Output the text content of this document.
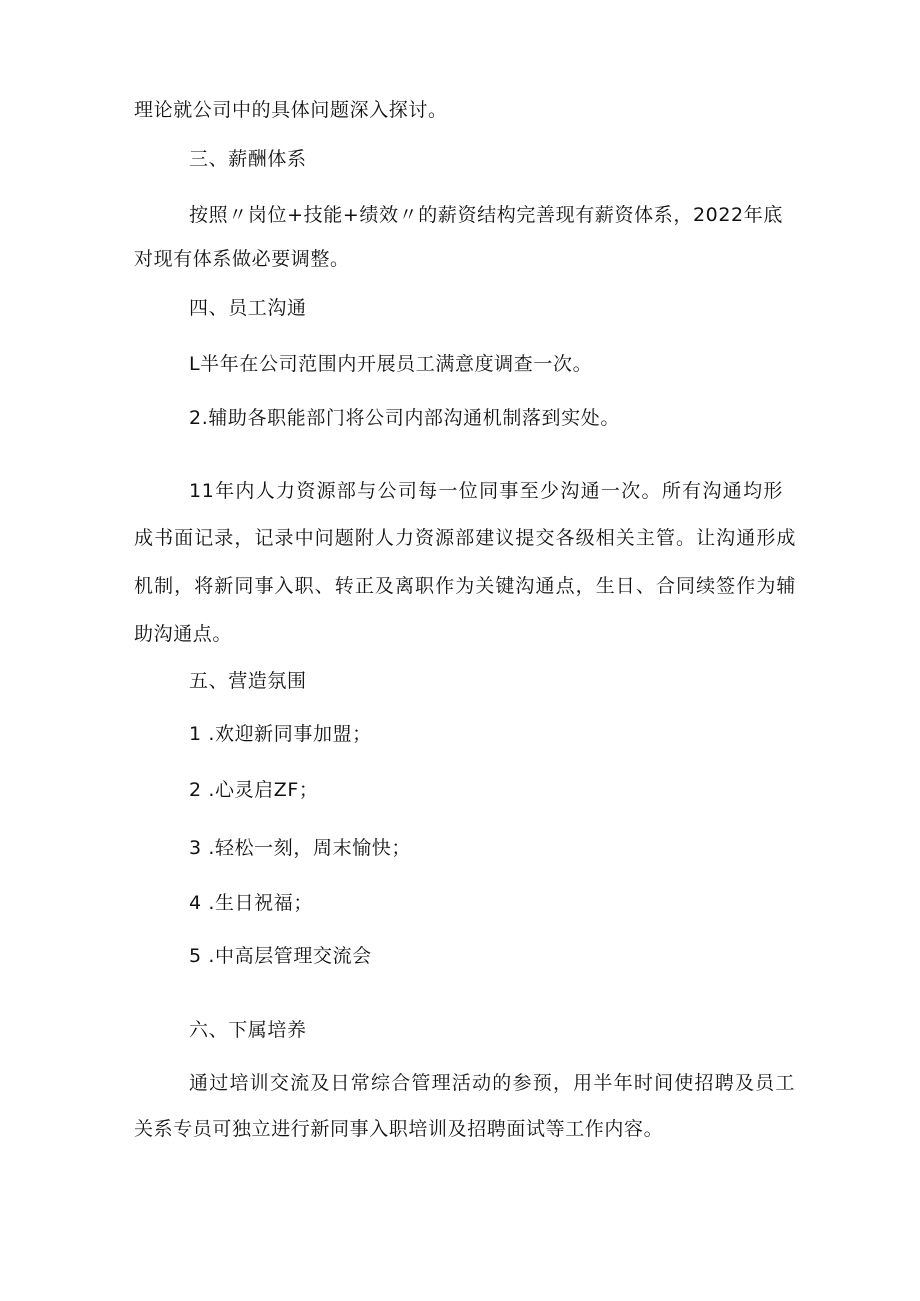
理论就公司中的具体问题深入探讨。
三、薪酬体系
按照〃岗位+技能+绩效〃的薪资结构完善现有薪资体系，2022年底
对现有体系做必要调整。
四、员工沟通
L半年在公司范围内开展员工满意度调查一次。
2.辅助各职能部门将公司内部沟通机制落到实处。
11年内人力资源部与公司每一位同事至少沟通一次。所有沟通均形
成书面记录，记录中问题附人力资源部建议提交各级相关主管。让沟通形成
机制，将新同事入职、转正及离职作为关键沟通点，生日、合同续签作为辅
助沟通点。
五、营造氛围
1 .欢迎新同事加盟；
2 .心灵启ZF；
3 .轻松一刻，周末愉快；
4 .生日祝福；
5 .中高层管理交流会
六、下属培养
通过培训交流及日常综合管理活动的参预，用半年时间使招聘及员工
关系专员可独立进行新同事入职培训及招聘面试等工作内容。
